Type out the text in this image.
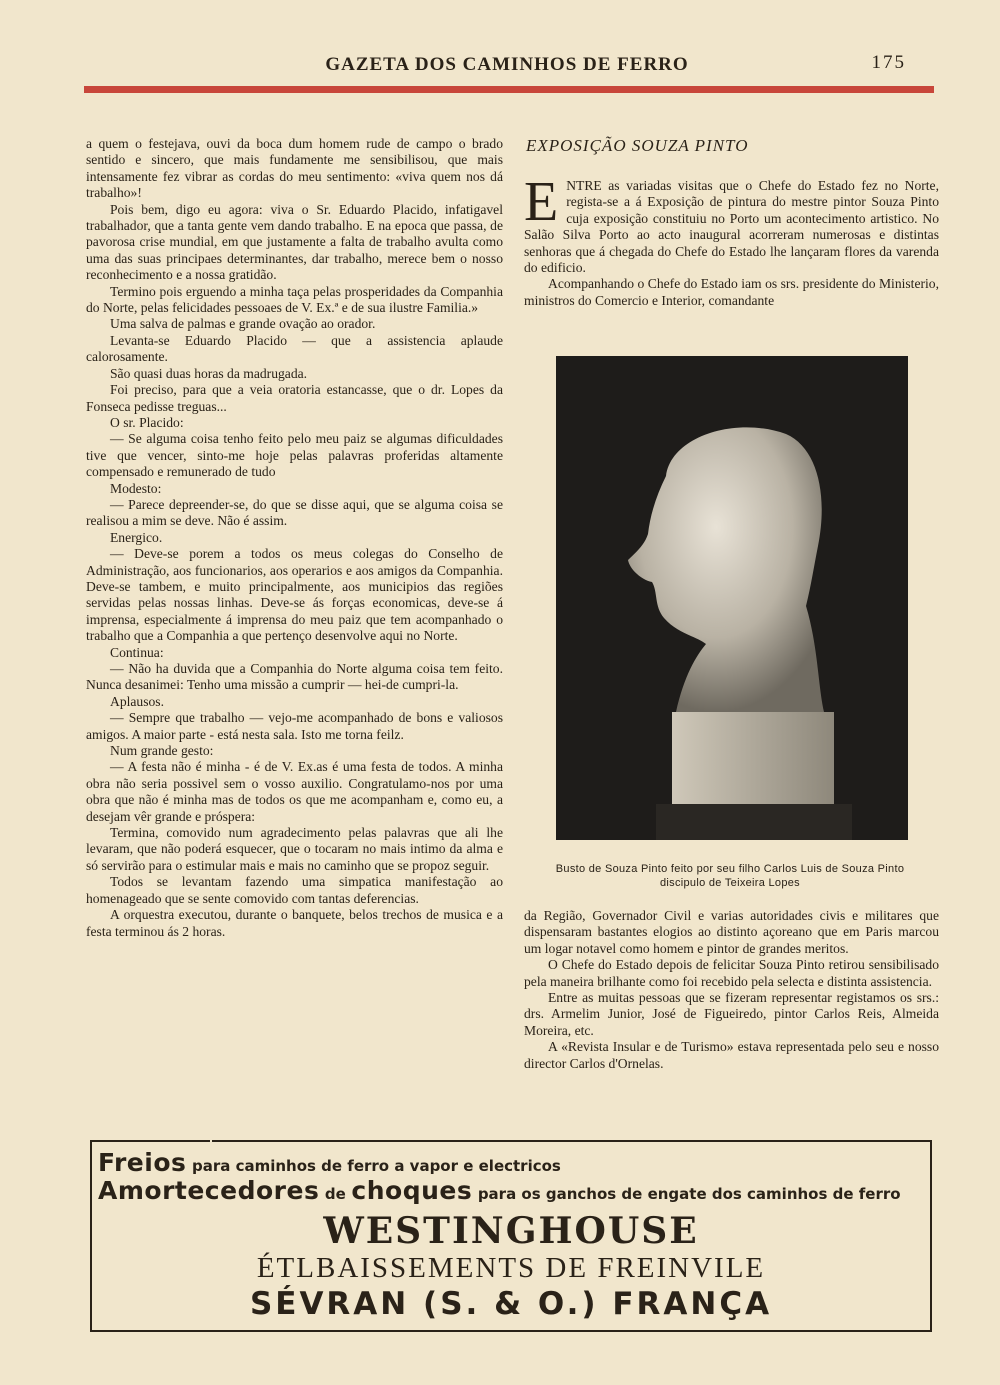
GAZETA DOS CAMINHOS DE FERRO	175

a quem o festejava, ouvi da boca dum homem rude de campo o brado sentido e sincero, que mais fundamente me sensibilisou, que mais intensamente fez vibrar as cordas do meu sentimento: «viva quem nos dá trabalho»!

Pois bem, digo eu agora: viva o Sr. Eduardo Placido, infatigavel trabalhador, que a tanta gente vem dando trabalho. E na epoca que passa, de pavorosa crise mundial, em que justamente a falta de trabalho avulta como uma das suas principaes determinantes, dar trabalho, merece bem o nosso reconhecimento e a nossa gratidão.

Termino pois erguendo a minha taça pelas prosperidades da Companhia do Norte, pelas felicidades pessoaes de V. Ex.ª e de sua ilustre Familia.»

Uma salva de palmas e grande ovação ao orador.

Levanta-se Eduardo Placido — que a assistencia aplaude calorosamente.

São quasi duas horas da madrugada.

Foi preciso, para que a veia oratoria estancasse, que o dr. Lopes da Fonseca pedisse treguas...

O sr. Placido:

— Se alguma coisa tenho feito pelo meu paiz se algumas dificuldades tive que vencer, sinto-me hoje pelas palavras proferidas altamente compensado e remunerado de tudo

Modesto:

— Parece depreender-se, do que se disse aqui, que se alguma coisa se realisou a mim se deve. Não é assim.

Energico.

— Deve-se porem a todos os meus colegas do Conselho de Administração, aos funcionarios, aos operarios e aos amigos da Companhia. Deve-se tambem, e muito principalmente, aos municipios das regiões servidas pelas nossas linhas. Deve-se ás forças economicas, deve-se á imprensa, especialmente á imprensa do meu paiz que tem acompanhado o trabalho que a Companhia a que pertenço desenvolve aqui no Norte.

Continua:

— Não ha duvida que a Companhia do Norte alguma coisa tem feito. Nunca desanimei: Tenho uma missão a cumprir — hei-de cumpri-la.

Aplausos.

— Sempre que trabalho — vejo-me acompanhado de bons e valiosos amigos. A maior parte - está nesta sala. Isto me torna feilz.

Num grande gesto:

— A festa não é minha - é de V. Ex.as é uma festa de todos. A minha obra não seria possivel sem o vosso auxilio. Congratulamo-nos por uma obra que não é minha mas de todos os que me acompanham e, como eu, a desejam vêr grande e próspera:

Termina, comovido num agradecimento pelas palavras que ali lhe levaram, que não poderá esquecer, que o tocaram no mais intimo da alma e só servirão para o estimular mais e mais no caminho que se propoz seguir.

Todos se levantam fazendo uma simpatica manifestação ao homenageado que se sente comovido com tantas deferencias.

A orquestra executou, durante o banquete, belos trechos de musica e a festa terminou ás 2 horas.

EXPOSIÇÃO SOUZA PINTO

ENTRE as variadas visitas que o Chefe do Estado fez no Norte, regista-se a á Exposição de pintura do mestre pintor Souza Pinto cuja exposição constituiu no Porto um acontecimento artistico. No Salão Silva Porto ao acto inaugural acorreram numerosas e distintas senhoras que á chegada do Chefe do Estado lhe lançaram flores da varenda do edificio.

Acompanhando o Chefe do Estado iam os srs. presidente do Ministerio, ministros do Comercio e Interior, comandante

Busto de Souza Pinto feito por seu filho Carlos Luis de Souza Pinto
discipulo de Teixeira Lopes

da Região, Governador Civil e varias autoridades civis e militares que dispensaram bastantes elogios ao distinto açoreano que em Paris marcou um logar notavel como homem e pintor de grandes meritos.

O Chefe do Estado depois de felicitar Souza Pinto retirou sensibilisado pela maneira brilhante como foi recebido pela selecta e distinta assistencia.

Entre as muitas pessoas que se fizeram representar registamos os srs.: drs. Armelim Junior, José de Figueiredo, pintor Carlos Reis, Almeida Moreira, etc.

A «Revista Insular e de Turismo» estava representada pelo seu e nosso director Carlos d'Ornelas.

Freios para caminhos de ferro a vapor e electricos
Amortecedores de choques para os ganchos de engate dos caminhos de ferro
WESTINGHOUSE
ÉTLBAISSEMENTS DE FREINVILE
SÉVRAN (S. & O.) FRANÇA
